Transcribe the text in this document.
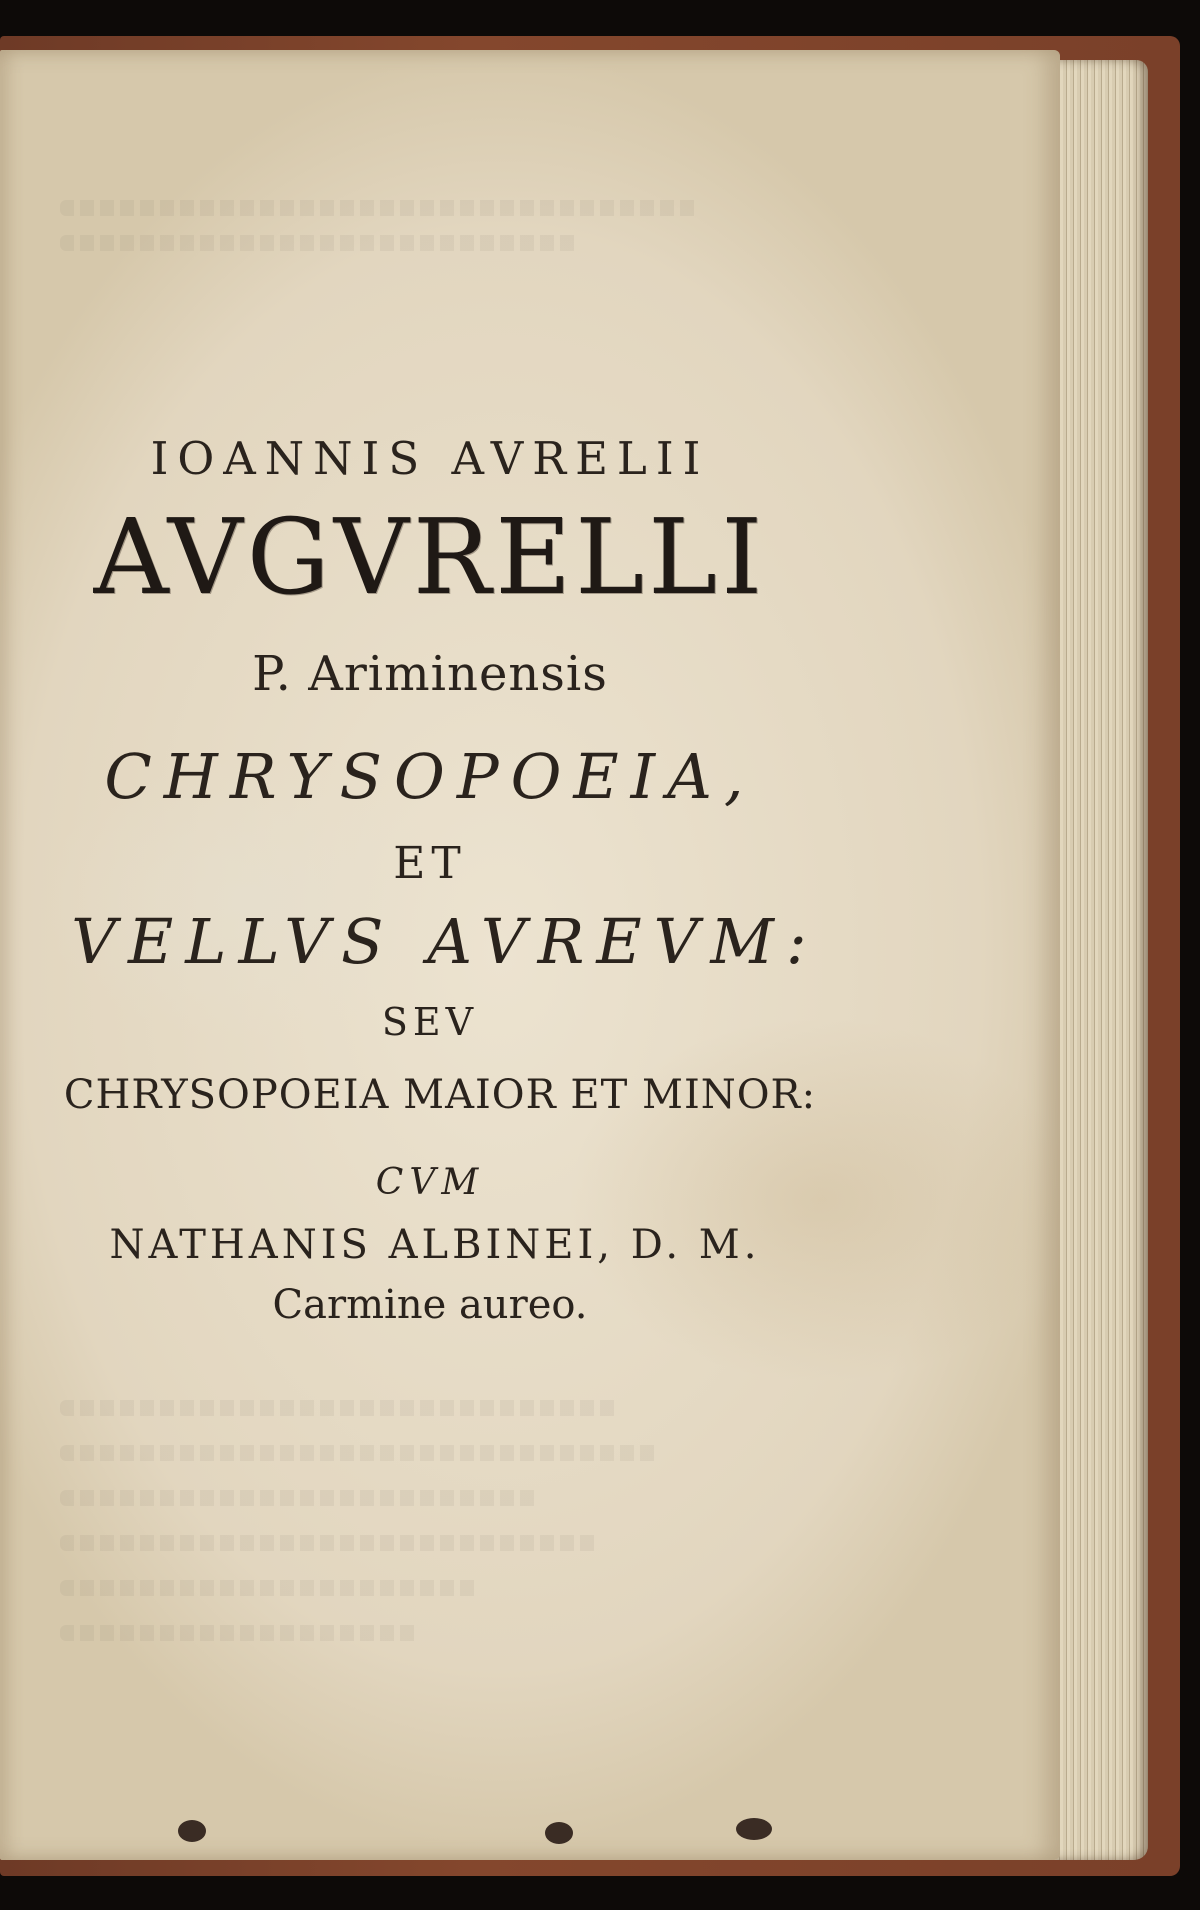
IOANNIS AVRELII
AVGVRELLI
P. Ariminensis
CHRYSOPOEIA,
ET
VELLVS AVREVM:
SEV
CHRYSOPOEIA MAIOR ET MINOR:
CVM
NATHANIS ALBINEI, D. M.
Carmine aureo.
